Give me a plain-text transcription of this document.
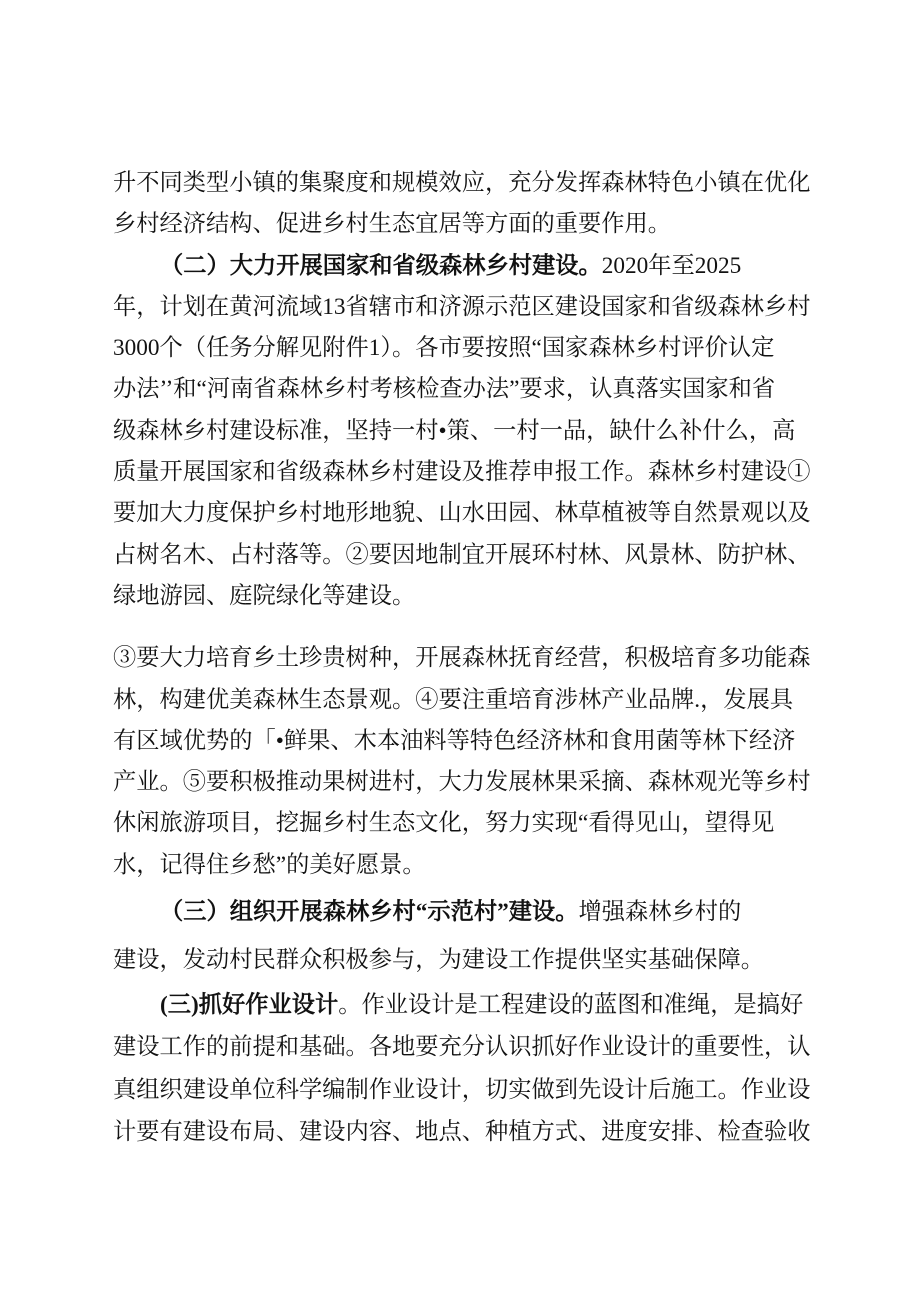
升不同类型小镇的集聚度和规模效应，充分发挥森林特色小镇在优化
乡村经济结构、促进乡村生态宜居等方面的重要作用。
（二）大力开展国家和省级森林乡村建设。2020年至2025
年，计划在黄河流域13省辖市和济源示范区建设国家和省级森林乡村
3000个（任务分解见附件1）。各市要按照“国家森林乡村评价认定
办法’’和“河南省森林乡村考核检查办法”要求，认真落实国家和省
级森林乡村建设标准，坚持一村•策、一村一品，缺什么补什么，高
质量开展国家和省级森林乡村建设及推荐申报工作。森林乡村建设①
要加大力度保护乡村地形地貌、山水田园、林草植被等自然景观以及
占树名木、占村落等。②要因地制宜开展环村林、风景林、防护林、
绿地游园、庭院绿化等建设。
③要大力培育乡土珍贵树种，开展森林抚育经营，积极培育多功能森
林，构建优美森林生态景观。④要注重培育涉林产业品牌.，发展具
有区域优势的「•鲜果、木本油料等特色经济林和食用菌等林下经济
产业。⑤要积极推动果树进村，大力发展林果采摘、森林观光等乡村
休闲旅游项目，挖掘乡村生态文化，努力实现“看得见山，望得见
水，记得住乡愁”的美好愿景。
（三）组织开展森林乡村“示范村”建设。增强森林乡村的
建设，发动村民群众积极参与，为建设工作提供坚实基础保障。
(三)抓好作业设计。作业设计是工程建设的蓝图和准绳，是搞好
建设工作的前提和基础。各地要充分认识抓好作业设计的重要性，认
真组织建设单位科学编制作业设计，切实做到先设计后施工。作业设
计要有建设布局、建设内容、地点、种植方式、进度安排、检查验收
